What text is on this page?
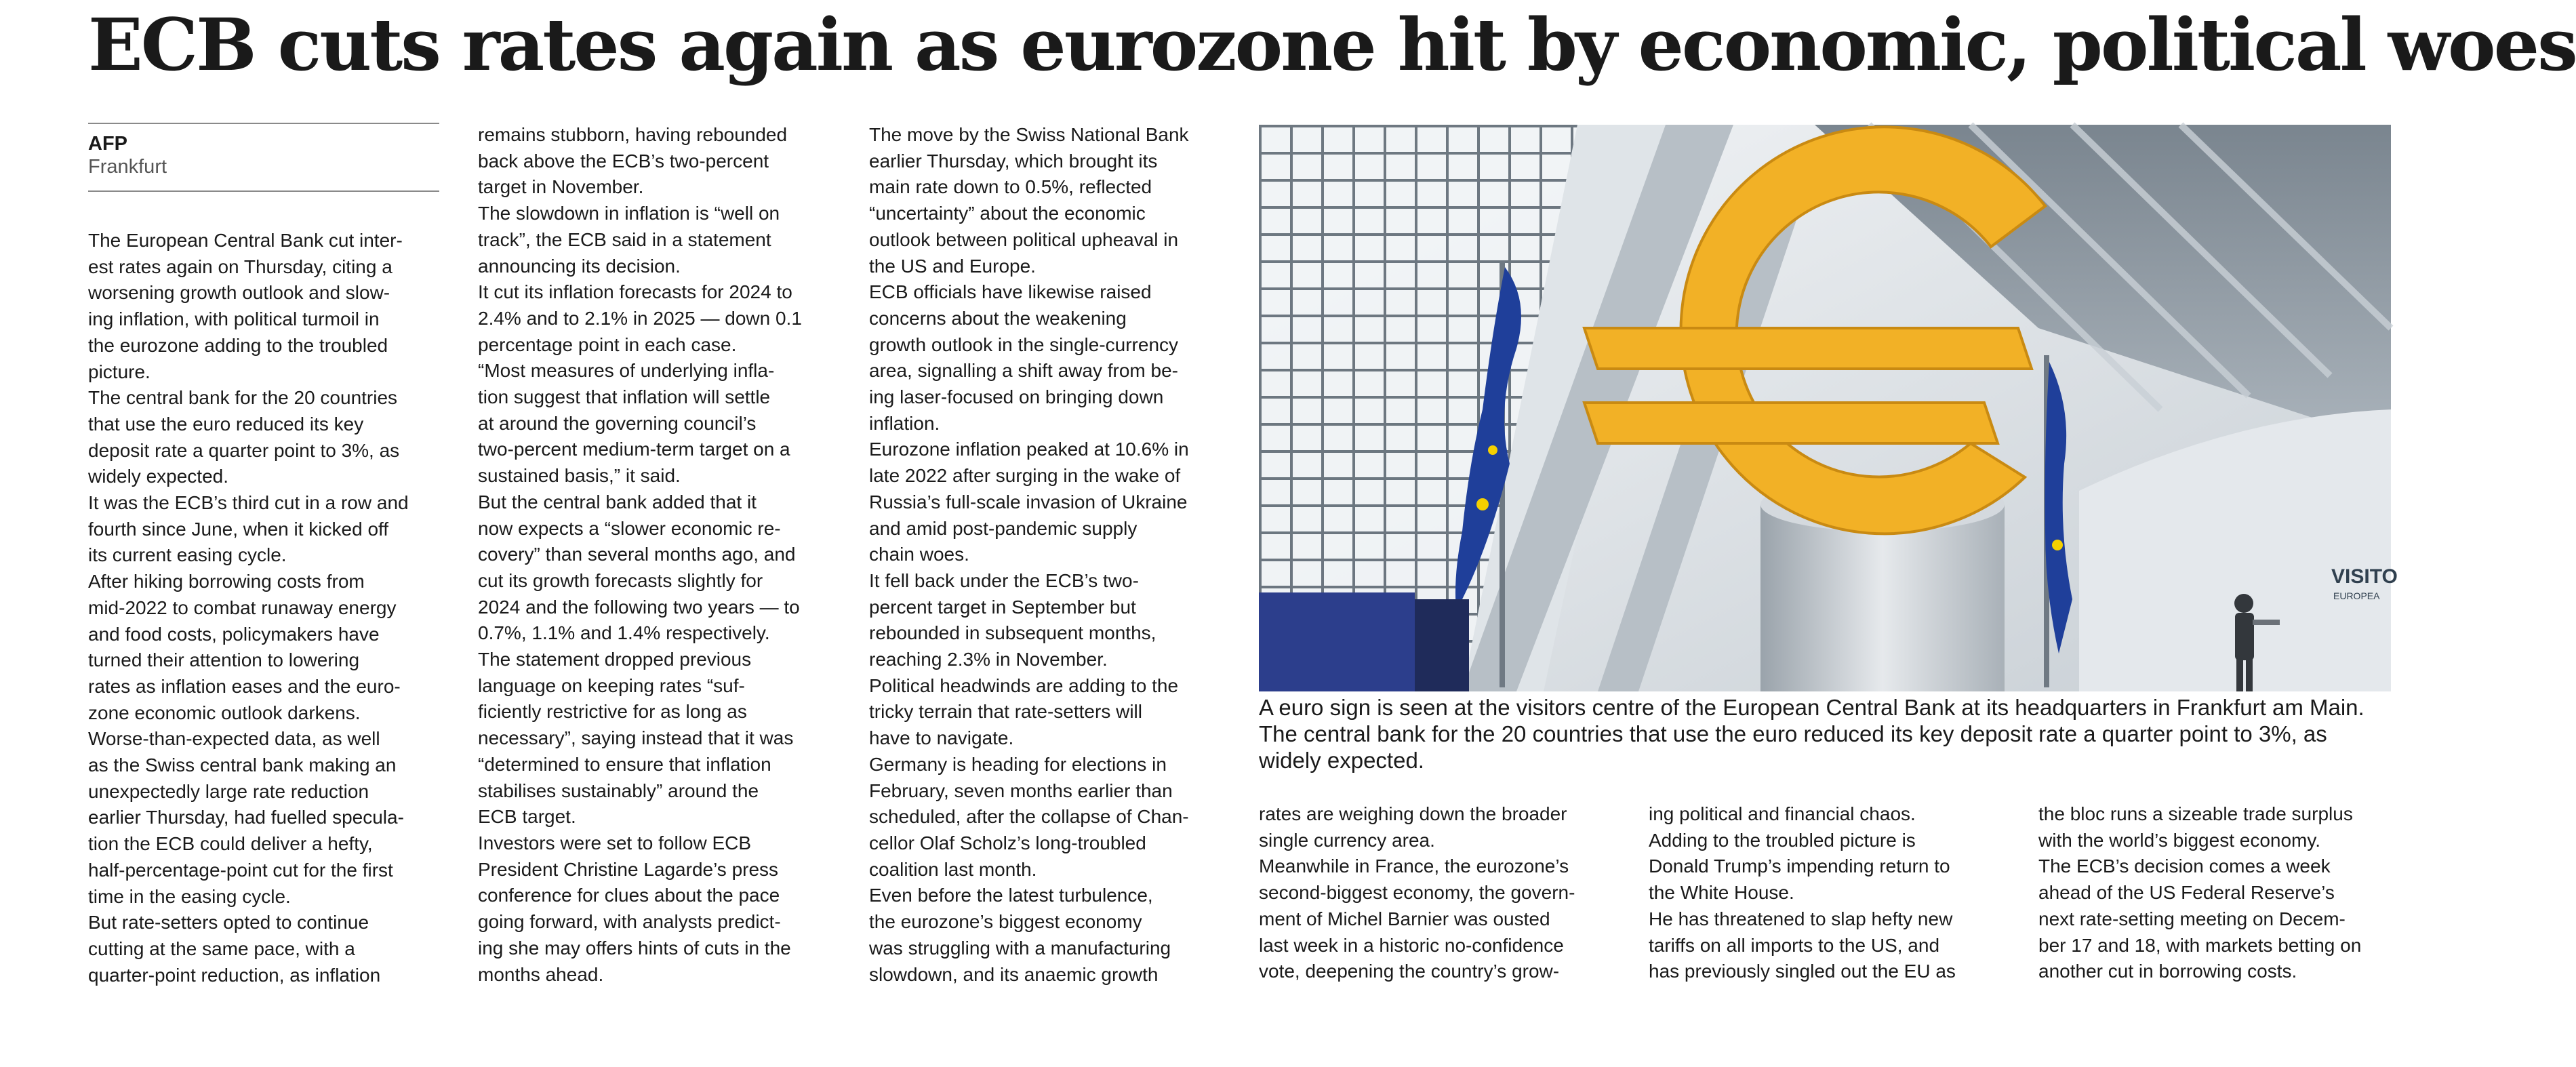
ECB cuts rates again as eurozone hit by economic, political woes
AFP
Frankfurt

The European Central Bank cut inter-
est rates again on Thursday, citing a
worsening growth outlook and slow-
ing inflation, with political turmoil in
the eurozone adding to the troubled
picture.

The central bank for the 20 countries
that use the euro reduced its key
deposit rate a quarter point to 3%, as
widely expected.

It was the ECB’s third cut in a row and
fourth since June, when it kicked off
its current easing cycle.

After hiking borrowing costs from
mid-2022 to combat runaway energy
and food costs, policymakers have
turned their attention to lowering
rates as inflation eases and the euro-
zone economic outlook darkens.

Worse-than-expected data, as well
as the Swiss central bank making an
unexpectedly large rate reduction
earlier Thursday, had fuelled specula-
tion the ECB could deliver a hefty,
half-percentage-point cut for the first
time in the easing cycle.

But rate-setters opted to continue
cutting at the same pace, with a
quarter-point reduction, as inflation

remains stubborn, having rebounded
back above the ECB’s two-percent
target in November.

The slowdown in inflation is “well on
track”, the ECB said in a statement
announcing its decision.

It cut its inflation forecasts for 2024 to
2.4% and to 2.1% in 2025 — down 0.1
percentage point in each case.

“Most measures of underlying infla-
tion suggest that inflation will settle
at around the governing council’s
two-percent medium-term target on a
sustained basis,” it said.

But the central bank added that it
now expects a “slower economic re-
covery” than several months ago, and
cut its growth forecasts slightly for
2024 and the following two years — to
0.7%, 1.1% and 1.4% respectively.

The statement dropped previous
language on keeping rates “suf-
ficiently restrictive for as long as
necessary”, saying instead that it was
“determined to ensure that inflation
stabilises sustainably” around the
ECB target.

Investors were set to follow ECB
President Christine Lagarde’s press
conference for clues about the pace
going forward, with analysts predict-
ing she may offers hints of cuts in the
months ahead.

The move by the Swiss National Bank
earlier Thursday, which brought its
main rate down to 0.5%, reflected
“uncertainty” about the economic
outlook between political upheaval in
the US and Europe.

ECB officials have likewise raised
concerns about the weakening
growth outlook in the single-currency
area, signalling a shift away from be-
ing laser-focused on bringing down
inflation.

Eurozone inflation peaked at 10.6% in
late 2022 after surging in the wake of
Russia’s full-scale invasion of Ukraine
and amid post-pandemic supply
chain woes.

It fell back under the ECB’s two-
percent target in September but
rebounded in subsequent months,
reaching 2.3% in November.

Political headwinds are adding to the
tricky terrain that rate-setters will
have to navigate.

Germany is heading for elections in
February, seven months earlier than
scheduled, after the collapse of Chan-
cellor Olaf Scholz’s long-troubled
coalition last month.

Even before the latest turbulence,
the eurozone’s biggest economy
was struggling with a manufacturing
slowdown, and its anaemic growth

VISITO
EUROPEA

A euro sign is seen at the visitors centre of the European Central Bank at its headquarters in Frankfurt am Main.
The central bank for the 20 countries that use the euro reduced its key deposit rate a quarter point to 3%, as
widely expected.

rates are weighing down the broader
single currency area.

Meanwhile in France, the eurozone’s
second-biggest economy, the govern-
ment of Michel Barnier was ousted
last week in a historic no-confidence
vote, deepening the country’s grow-

ing political and financial chaos.

Adding to the troubled picture is
Donald Trump’s impending return to
the White House.

He has threatened to slap hefty new
tariffs on all imports to the US, and
has previously singled out the EU as

the bloc runs a sizeable trade surplus
with the world’s biggest economy.

The ECB’s decision comes a week
ahead of the US Federal Reserve’s
next rate-setting meeting on Decem-
ber 17 and 18, with markets betting on
another cut in borrowing costs.
